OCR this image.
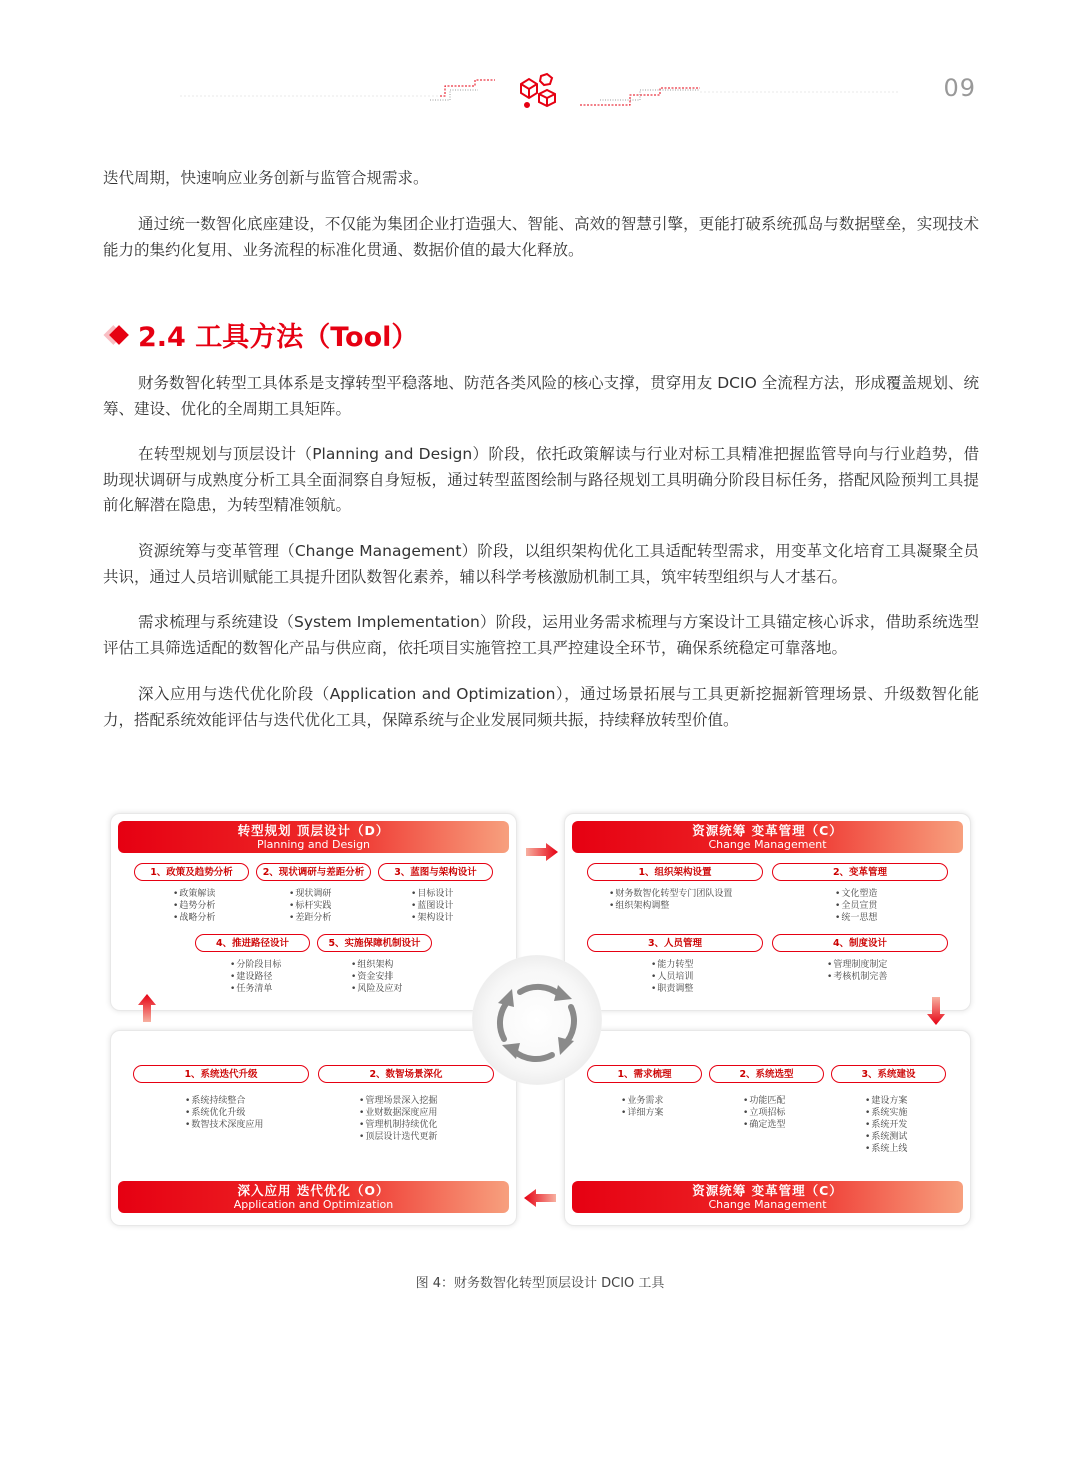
09

迭代周期，快速响应业务创新与监管合规需求。

通过统一数智化底座建设，不仅能为集团企业打造强大、智能、高效的智慧引擎，更能打破系统孤岛与数据壁垒，实现技术能力的集约化复用、业务流程的标准化贯通、数据价值的最大化释放。

2.4 工具方法（Tool）

财务数智化转型工具体系是支撑转型平稳落地、防范各类风险的核心支撑，贯穿用友 DCIO 全流程方法，形成覆盖规划、统筹、建设、优化的全周期工具矩阵。

在转型规划与顶层设计（Planning and Design）阶段，依托政策解读与行业对标工具精准把握监管导向与行业趋势，借助现状调研与成熟度分析工具全面洞察自身短板，通过转型蓝图绘制与路径规划工具明确分阶段目标任务，搭配风险预判工具提前化解潜在隐患，为转型精准领航。

资源统筹与变革管理（Change Management）阶段，以组织架构优化工具适配转型需求，用变革文化培育工具凝聚全员共识，通过人员培训赋能工具提升团队数智化素养，辅以科学考核激励机制工具，筑牢转型组织与人才基石。

需求梳理与系统建设（System Implementation）阶段，运用业务需求梳理与方案设计工具锚定核心诉求，借助系统选型评估工具筛选适配的数智化产品与供应商，依托项目实施管控工具严控建设全环节，确保系统稳定可靠落地。

深入应用与迭代优化阶段（Application and Optimization），通过场景拓展与工具更新挖掘新管理场景、升级数智化能力，搭配系统效能评估与迭代优化工具，保障系统与企业发展同频共振，持续释放转型价值。

转型规划 顶层设计（D）
Planning and Design
1、政策及趋势分析	2、现状调研与差距分析	3、蓝图与架构设计
• 政策解读
• 趋势分析
• 战略分析
• 现状调研
• 标杆实践
• 差距分析
• 目标设计
• 蓝图设计
• 架构设计
4、推进路径设计	5、实施保障机制设计
• 分阶段目标
• 建设路径
• 任务清单
• 组织架构
• 资金安排
• 风险及应对
资源统筹 变革管理（C）
Change Management
1、组织架构设置	2、变革管理
• 财务数智化转型专门团队设置
• 组织架构调整
• 文化塑造
• 全员宣贯
• 统一思想
3、人员管理	4、制度设计
• 能力转型
• 人员培训
• 职责调整
• 管理制度制定
• 考核机制完善
1、系统迭代升级	2、数智场景深化
• 系统持续整合
• 系统优化升级
• 数智技术深度应用
• 管理场景深入挖掘
• 业财数据深度应用
• 管理机制持续优化
• 顶层设计迭代更新
深入应用 迭代优化（O）
Application and Optimization
1、需求梳理	2、系统选型	3、系统建设
• 业务需求
• 详细方案
• 功能匹配
• 立项招标
• 确定选型
• 建设方案
• 系统实施
• 系统开发
• 系统测试
• 系统上线
资源统筹 变革管理（C）
Change Management
图 4：财务数智化转型顶层设计 DCIO 工具
